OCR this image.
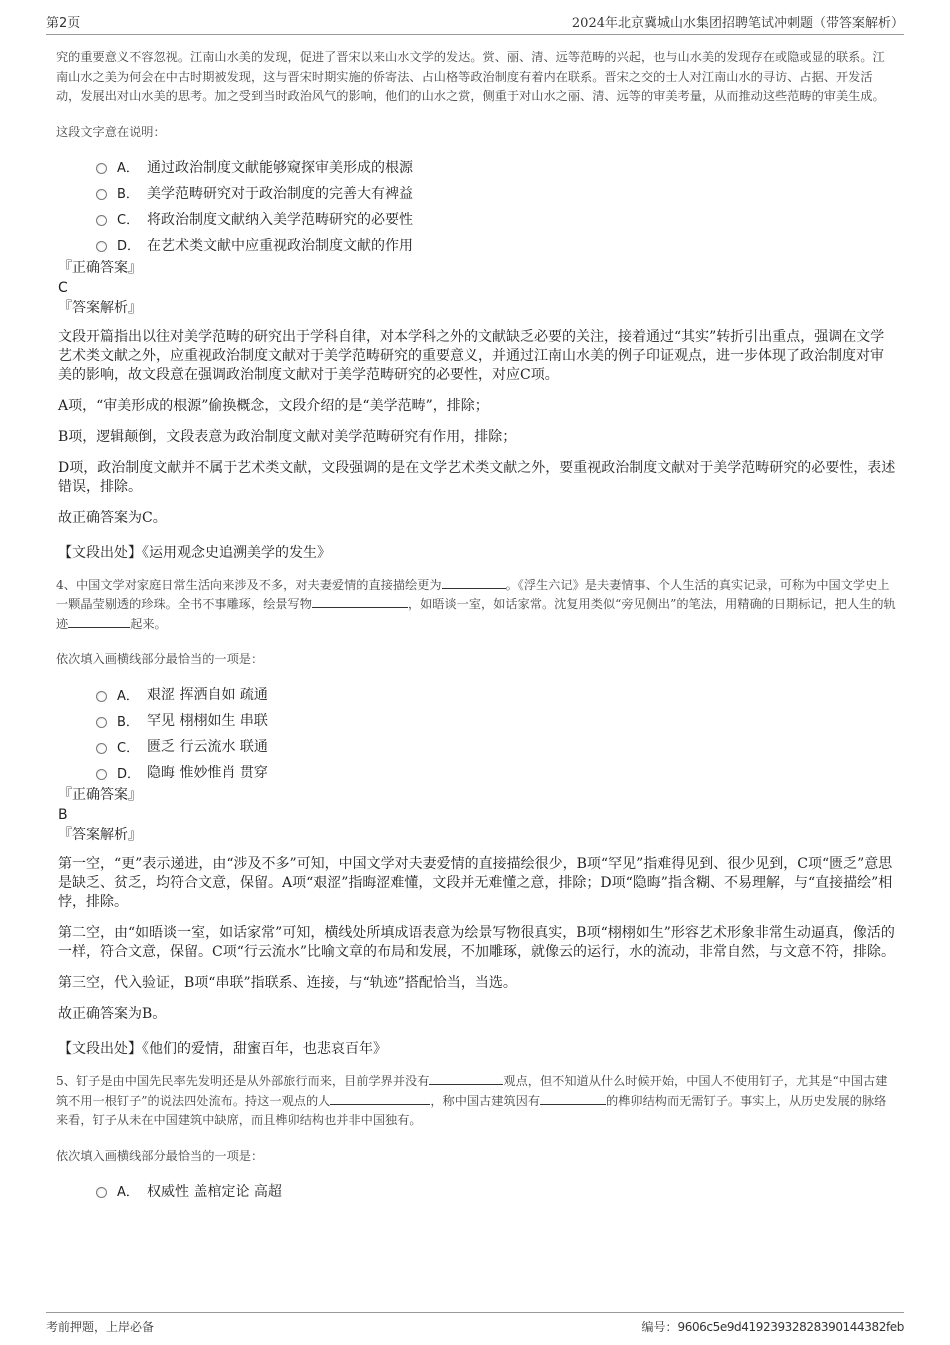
第2页	2024年北京冀城山水集团招聘笔试冲刺题（带答案解析）
究的重要意义不容忽视。江南山水美的发现，促进了晋宋以来山水文学的发达。赏、丽、清、远等范畴的兴起，也与山水美的发现存在或隐或显的联系。江南山水之美为何会在中古时期被发现，这与晋宋时期实施的侨寄法、占山格等政治制度有着内在联系。晋宋之交的士人对江南山水的寻访、占据、开发活动，发展出对山水美的思考。加之受到当时政治风气的影响，他们的山水之赏，侧重于对山水之丽、清、远等的审美考量，从而推动这些范畴的审美生成。
这段文字意在说明：
A． 通过政治制度文献能够窥探审美形成的根源
B． 美学范畴研究对于政治制度的完善大有裨益
C． 将政治制度文献纳入美学范畴研究的必要性
D． 在艺术类文献中应重视政治制度文献的作用
『正确答案』
C
『答案解析』
文段开篇指出以往对美学范畴的研究出于学科自律，对本学科之外的文献缺乏必要的关注，接着通过“其实”转折引出重点，强调在文学艺术类文献之外，应重视政治制度文献对于美学范畴研究的重要意义，并通过江南山水美的例子印证观点，进一步体现了政治制度对审美的影响，故文段意在强调政治制度文献对于美学范畴研究的必要性，对应C项。
A项，“审美形成的根源”偷换概念，文段介绍的是“美学范畴”，排除；
B项，逻辑颠倒，文段表意为政治制度文献对美学范畴研究有作用，排除；
D项，政治制度文献并不属于艺术类文献，文段强调的是在文学艺术类文献之外，要重视政治制度文献对于美学范畴研究的必要性，表述错误，排除。
故正确答案为C。
【文段出处】《运用观念史追溯美学的发生》
4、中国文学对家庭日常生活向来涉及不多，对夫妻爱情的直接描绘更为	。《浮生六记》是夫妻情事、个人生活的真实记录，可称为中国文学史上一颗晶莹剔透的珍珠。全书不事雕琢，绘景写物	，如晤谈一室，如话家常。沈复用类似“旁见侧出”的笔法，用精确的日期标记，把人生的轨迹	起来。
依次填入画横线部分最恰当的一项是：
A． 艰涩 挥洒自如 疏通
B． 罕见 栩栩如生 串联
C． 匮乏 行云流水 联通
D． 隐晦 惟妙惟肖 贯穿
『正确答案』
B
『答案解析』
第一空，“更”表示递进，由“涉及不多”可知，中国文学对夫妻爱情的直接描绘很少，B项“罕见”指难得见到、很少见到，C项“匮乏”意思是缺乏、贫乏，均符合文意，保留。A项“艰涩”指晦涩难懂，文段并无难懂之意，排除；D项“隐晦”指含糊、不易理解，与“直接描绘”相悖，排除。
第二空，由“如晤谈一室，如话家常”可知，横线处所填成语表意为绘景写物很真实，B项“栩栩如生”形容艺术形象非常生动逼真，像活的一样，符合文意，保留。C项“行云流水”比喻文章的布局和发展，不加雕琢，就像云的运行，水的流动，非常自然，与文意不符，排除。
第三空，代入验证，B项“串联”指联系、连接，与“轨迹”搭配恰当，当选。
故正确答案为B。
【文段出处】《他们的爱情，甜蜜百年，也悲哀百年》
5、钉子是由中国先民率先发明还是从外部旅行而来，目前学界并没有	观点，但不知道从什么时候开始，中国人不使用钉子，尤其是“中国古建筑不用一根钉子”的说法四处流布。持这一观点的人	，称中国古建筑因有	的榫卯结构而无需钉子。事实上，从历史发展的脉络来看，钉子从未在中国建筑中缺席，而且榫卯结构也并非中国独有。
依次填入画横线部分最恰当的一项是：
A． 权威性 盖棺定论 高超
考前押题，上岸必备	编号：9606c5e9d4192393282839014438​2feb
